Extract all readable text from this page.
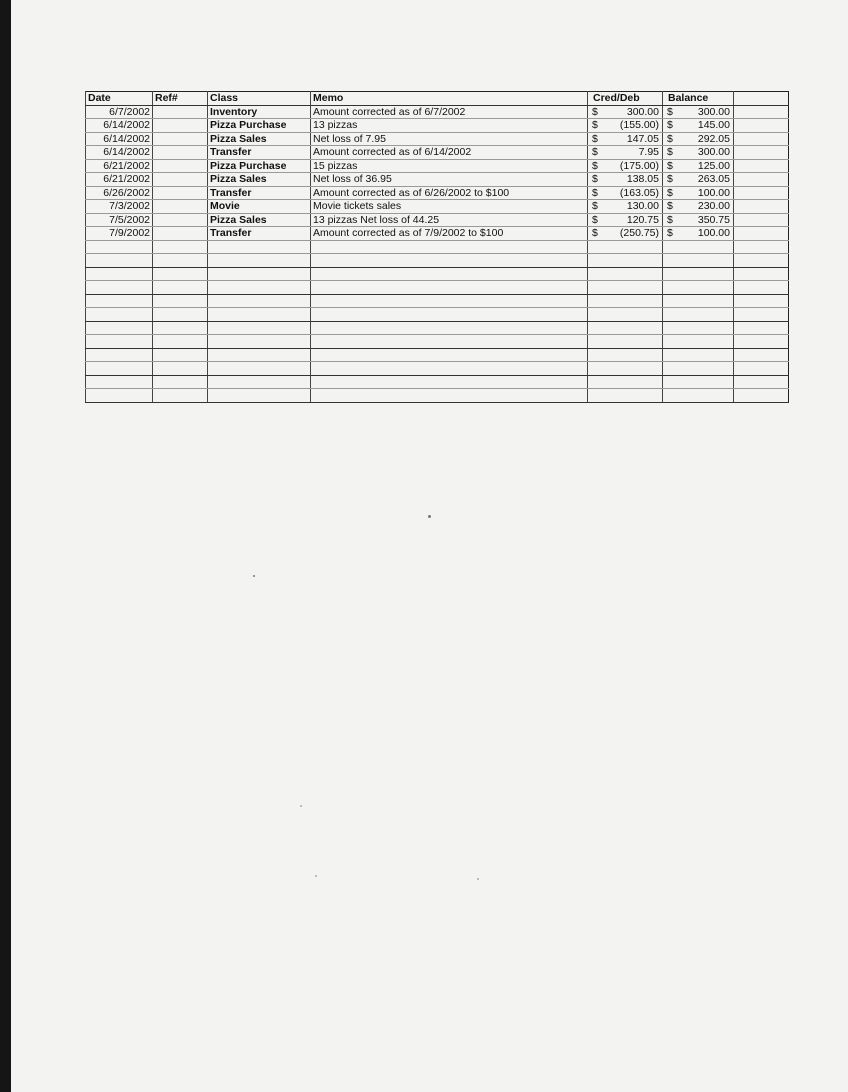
Date	Ref#	Class	Memo	Cred/Deb	Balance	
6/7/2002		Inventory	Amount corrected as of 6/7/2002	$ 300.00	$ 300.00	

6/14/2002		Pizza Purchase	13 pizzas	$ (155.00)	$ 145.00	

6/14/2002		Pizza Sales	Net loss of 7.95	$ 147.05	$ 292.05	

6/14/2002		Transfer	Amount corrected as of 6/14/2002	$ 7.95	$ 300.00	

6/21/2002		Pizza Purchase	15 pizzas	$ (175.00)	$ 125.00	

6/21/2002		Pizza Sales	Net loss of 36.95	$ 138.05	$ 263.05	

6/26/2002		Transfer	Amount corrected as of 6/26/2002 to $100	$ (163.05)	$ 100.00	

7/3/2002		Movie	Movie tickets sales	$ 130.00	$ 230.00	

7/5/2002		Pizza Sales	13 pizzas Net loss of 44.25	$ 120.75	$ 350.75	

7/9/2002		Transfer	Amount corrected as of 7/9/2002 to $100	$ (250.75)	$ 100.00	
